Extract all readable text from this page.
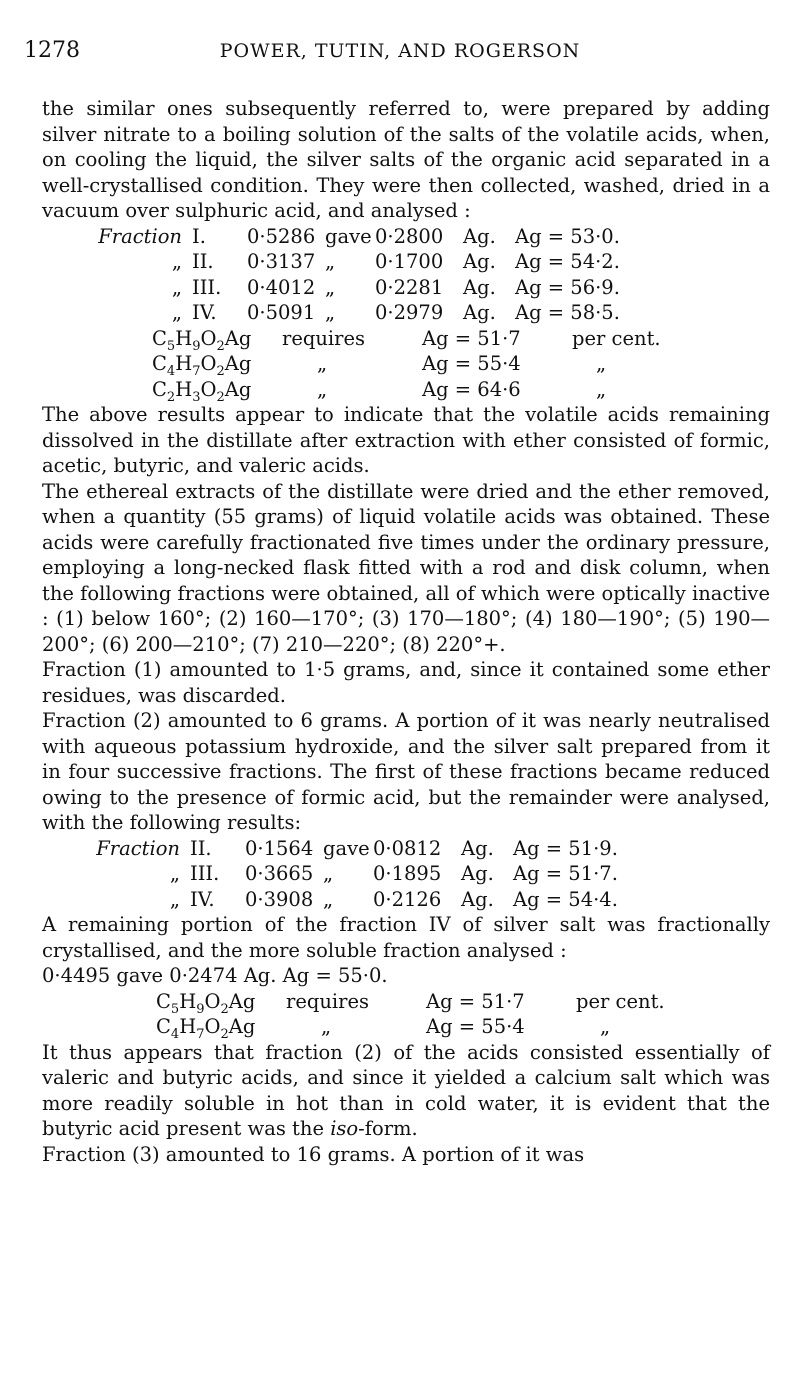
1278	POWER, TUTIN, AND ROGERSON

the similar ones subsequently referred to, were prepared by adding silver nitrate to a boiling solution of the salts of the volatile acids, when, on cooling the liquid, the silver salts of the organic acid separated in a well-crystallised condition. They were then collected, washed, dried in a vacuum over sulphuric acid, and analysed :

Fraction I.	0·5286 gave 0·2800	Ag. Ag = 53·0.
„ II.	0·3137 „	0·1700	Ag. Ag = 54·2.
„ III.	0·4012 „	0·2281	Ag. Ag = 56·9.
„ IV.	0·5091 „	0·2979	Ag. Ag = 58·5.
$C_5H_9O_2Ag$	requires	Ag = 51·7	per cent.
$C_4H_7O_2Ag$	„	Ag = 55·4	„
$C_2H_3O_2Ag$	„	Ag = 64·6	„

The above results appear to indicate that the volatile acids remaining dissolved in the distillate after extraction with ether consisted of formic, acetic, butyric, and valeric acids.

The ethereal extracts of the distillate were dried and the ether removed, when a quantity (55 grams) of liquid volatile acids was obtained. These acids were carefully fractionated five times under the ordinary pressure, employing a long-necked flask fitted with a rod and disk column, when the following fractions were obtained, all of which were optically inactive : (1) below 160°; (2) 160—170°; (3) 170—180°; (4) 180—190°; (5) 190—200°; (6) 200—210°; (7) 210—220°; (8) 220°+.

Fraction (1) amounted to 1·5 grams, and, since it contained some ether residues, was discarded.

Fraction (2) amounted to 6 grams. A portion of it was nearly neutralised with aqueous potassium hydroxide, and the silver salt prepared from it in four successive fractions. The first of these fractions became reduced owing to the presence of formic acid, but the remainder were analysed, with the following results:

Fraction II.	0·1564 gave 0·0812	Ag. Ag = 51·9.
„ III.	0·3665 „	0·1895	Ag. Ag = 51·7.
„ IV.	0·3908 „	0·2126	Ag. Ag = 54·4.

A remaining portion of the fraction IV of silver salt was fractionally crystallised, and the more soluble fraction analysed :

0·4495 gave 0·2474 Ag. Ag = 55·0.
$C_5H_9O_2Ag$	requires	Ag = 51·7	per cent.
$C_4H_7O_2Ag$	„	Ag = 55·4	„

It thus appears that fraction (2) of the acids consisted essentially of valeric and butyric acids, and since it yielded a calcium salt which was more readily soluble in hot than in cold water, it is evident that the butyric acid present was the iso-form.

Fraction (3) amounted to 16 grams. A portion of it was
